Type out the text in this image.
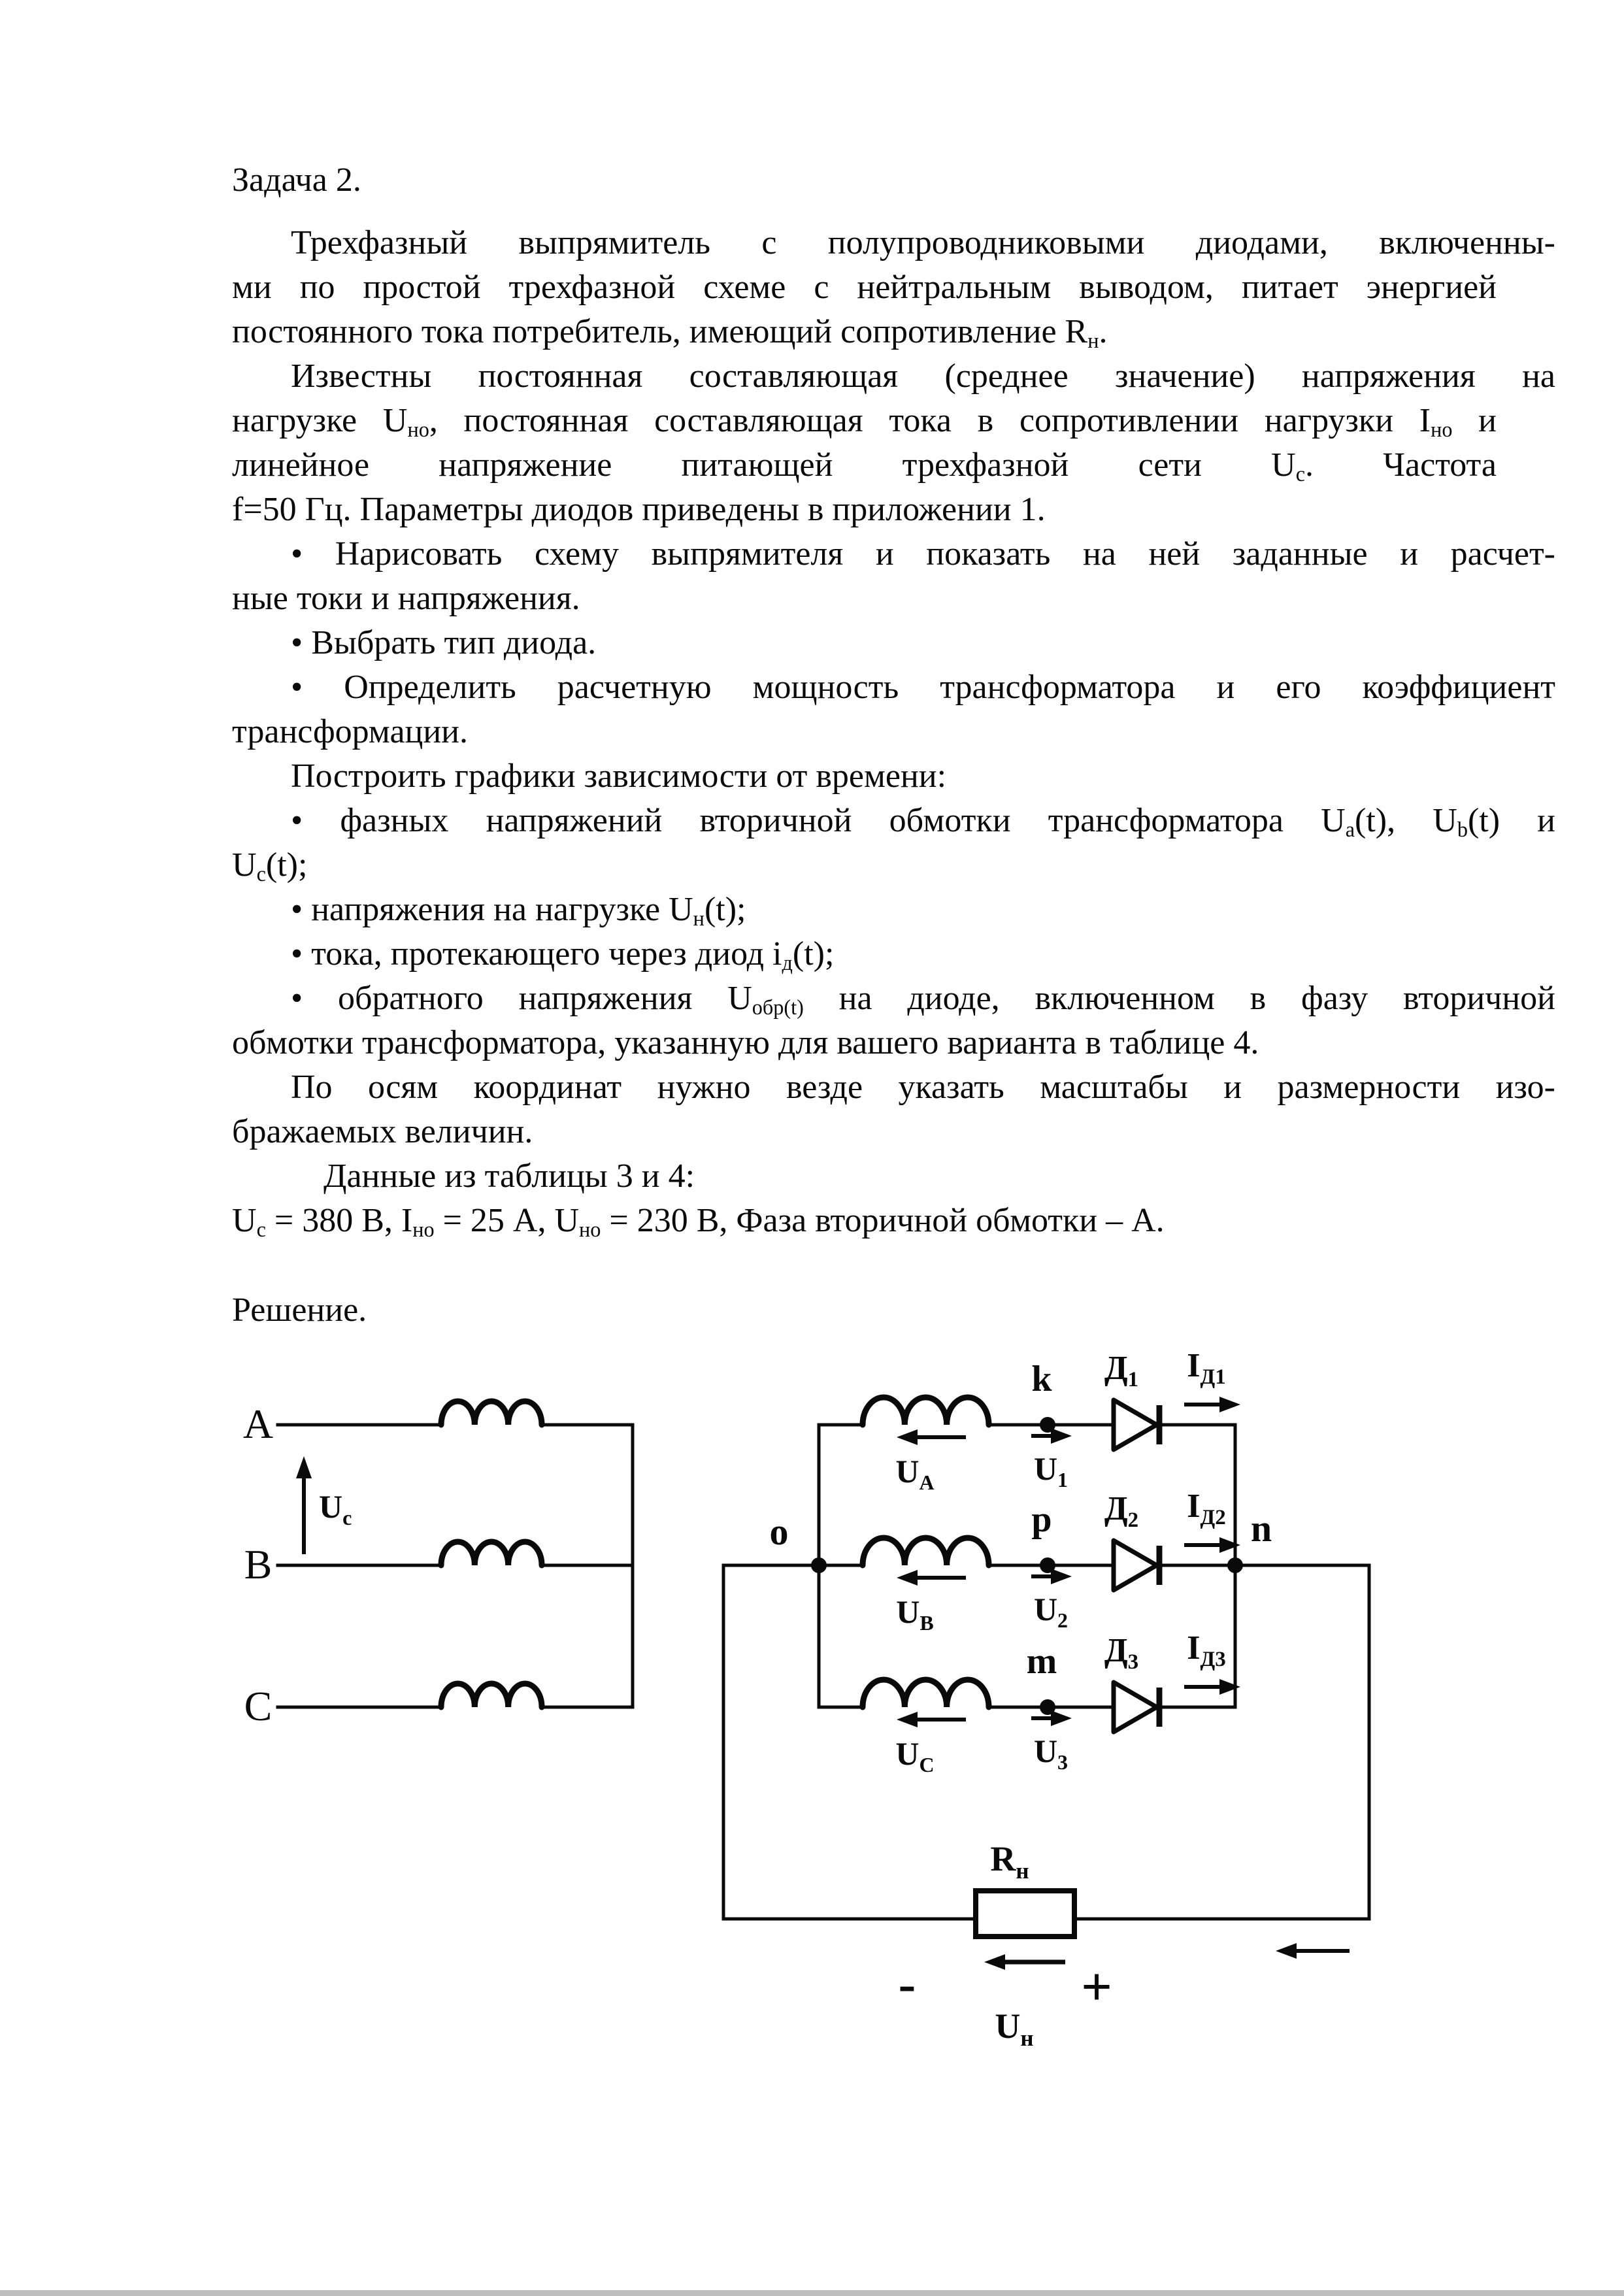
Задача 2.
Трехфазный выпрямитель с полупроводниковыми диодами, включенны-
ми по простой трехфазной схеме с нейтральным выводом, питает энергией
постоянного тока потребитель, имеющий сопротивление $R_н$.
Известны постоянная составляющая (среднее значение) напряжения на
нагрузке $U_{но}$, постоянная составляющая тока в сопротивлении нагрузки $I_{но}$ и
линейное напряжение питающей трехфазной сети $U_с$. Частота
f=50 Гц. Параметры диодов приведены в приложении 1.
• Нарисовать схему выпрямителя и показать на ней заданные и расчет-
ные токи и напряжения.
• Выбрать тип диода.
• Определить расчетную мощность трансформатора и его коэффициент
трансформации.
Построить графики зависимости от времени:
• фазных напряжений вторичной обмотки трансформатора $U_а(t)$, $U_b(t)$ и
$U_с(t)$;
• напряжения на нагрузке $U_н(t)$;
• тока, протекающего через диод $i_д(t)$;
• обратного напряжения $U_{обр(t)}$ на диоде, включенном в фазу вторичной
обмотки трансформатора, указанную для вашего варианта в таблице 4.
По осям координат нужно везде указать масштабы и размерности изо-
бражаемых величин.
Данные из таблицы 3 и 4:
$U_с = 380$ В, $I_{но} = 25$ А, $U_{но} = 230$ В, Фаза вторичной обмотки – А.
Решение.
A
B
C
$U_c$
$U_A$
k
$U_1$
$Д_1$ $I_{Д1}$
$U_B$
p
$U_2$
$Д_2$ $I_{Д2}$
$U_C$
m
$U_3$
$Д_3$ $I_{Д3}$
o	n
$R_н$
$U_н$
-	+
